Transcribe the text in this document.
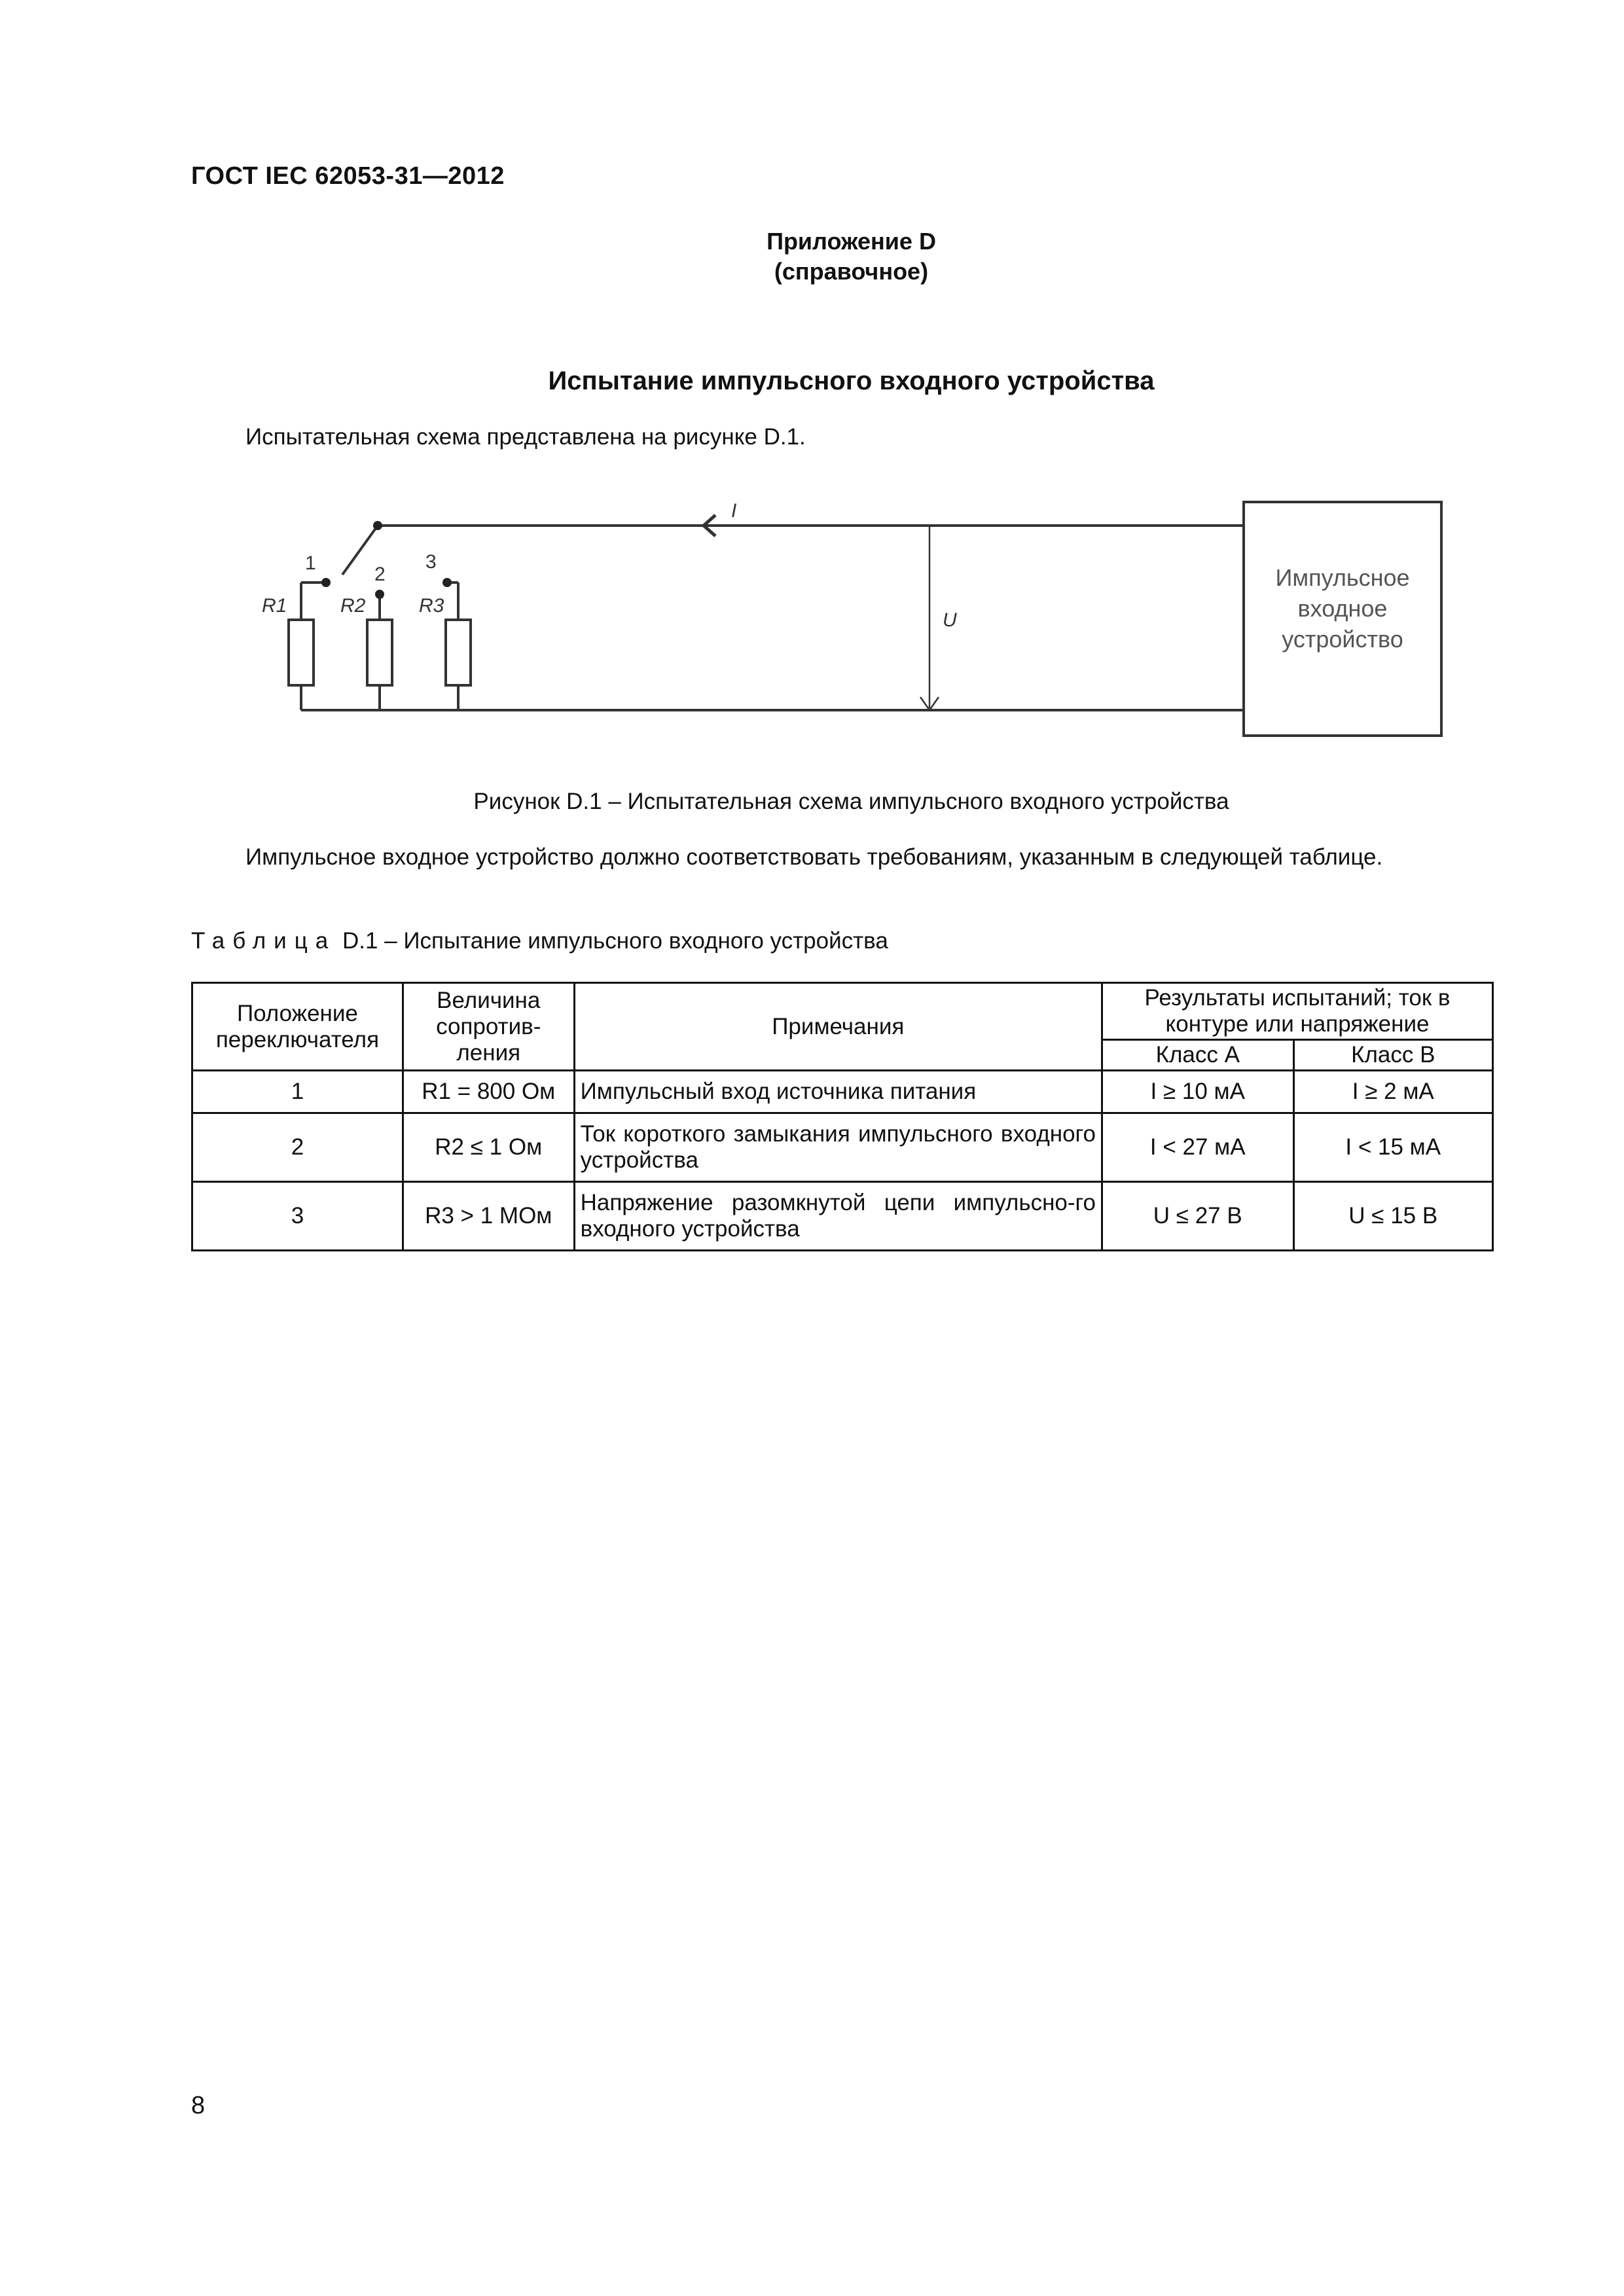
ГОСТ IEC 62053-31—2012
Приложение D
(справочное)
Испытание импульсного входного устройства
Испытательная схема представлена на рисунке D.1.
I
U
1
2
3
R1	R2	R3
Импульсное
входное
устройство
Рисунок D.1 – Испытательная схема импульсного входного устройства
Импульсное входное устройство должно соответствовать требованиям, указанным в следующей таблице.
Таблица D.1 – Испытание импульсного входного устройства
Положение переключателя	Величина сопротив-ления	Примечания	Результаты испытаний; ток в контуре или напряжение	
			Класс А	Класс В
1	R1 = 800 Ом	Импульсный вход источника питания	I ≥ 10 мА	I ≥ 2 мА
2	R2 ≤ 1 Ом	Ток короткого замыкания импульсного входного устройства	I < 27 мА	I < 15 мА
3	R3 > 1 МОм	Напряжение разомкнутой цепи импульсно-го входного устройства	U ≤ 27 В	U ≤ 15 В
8
